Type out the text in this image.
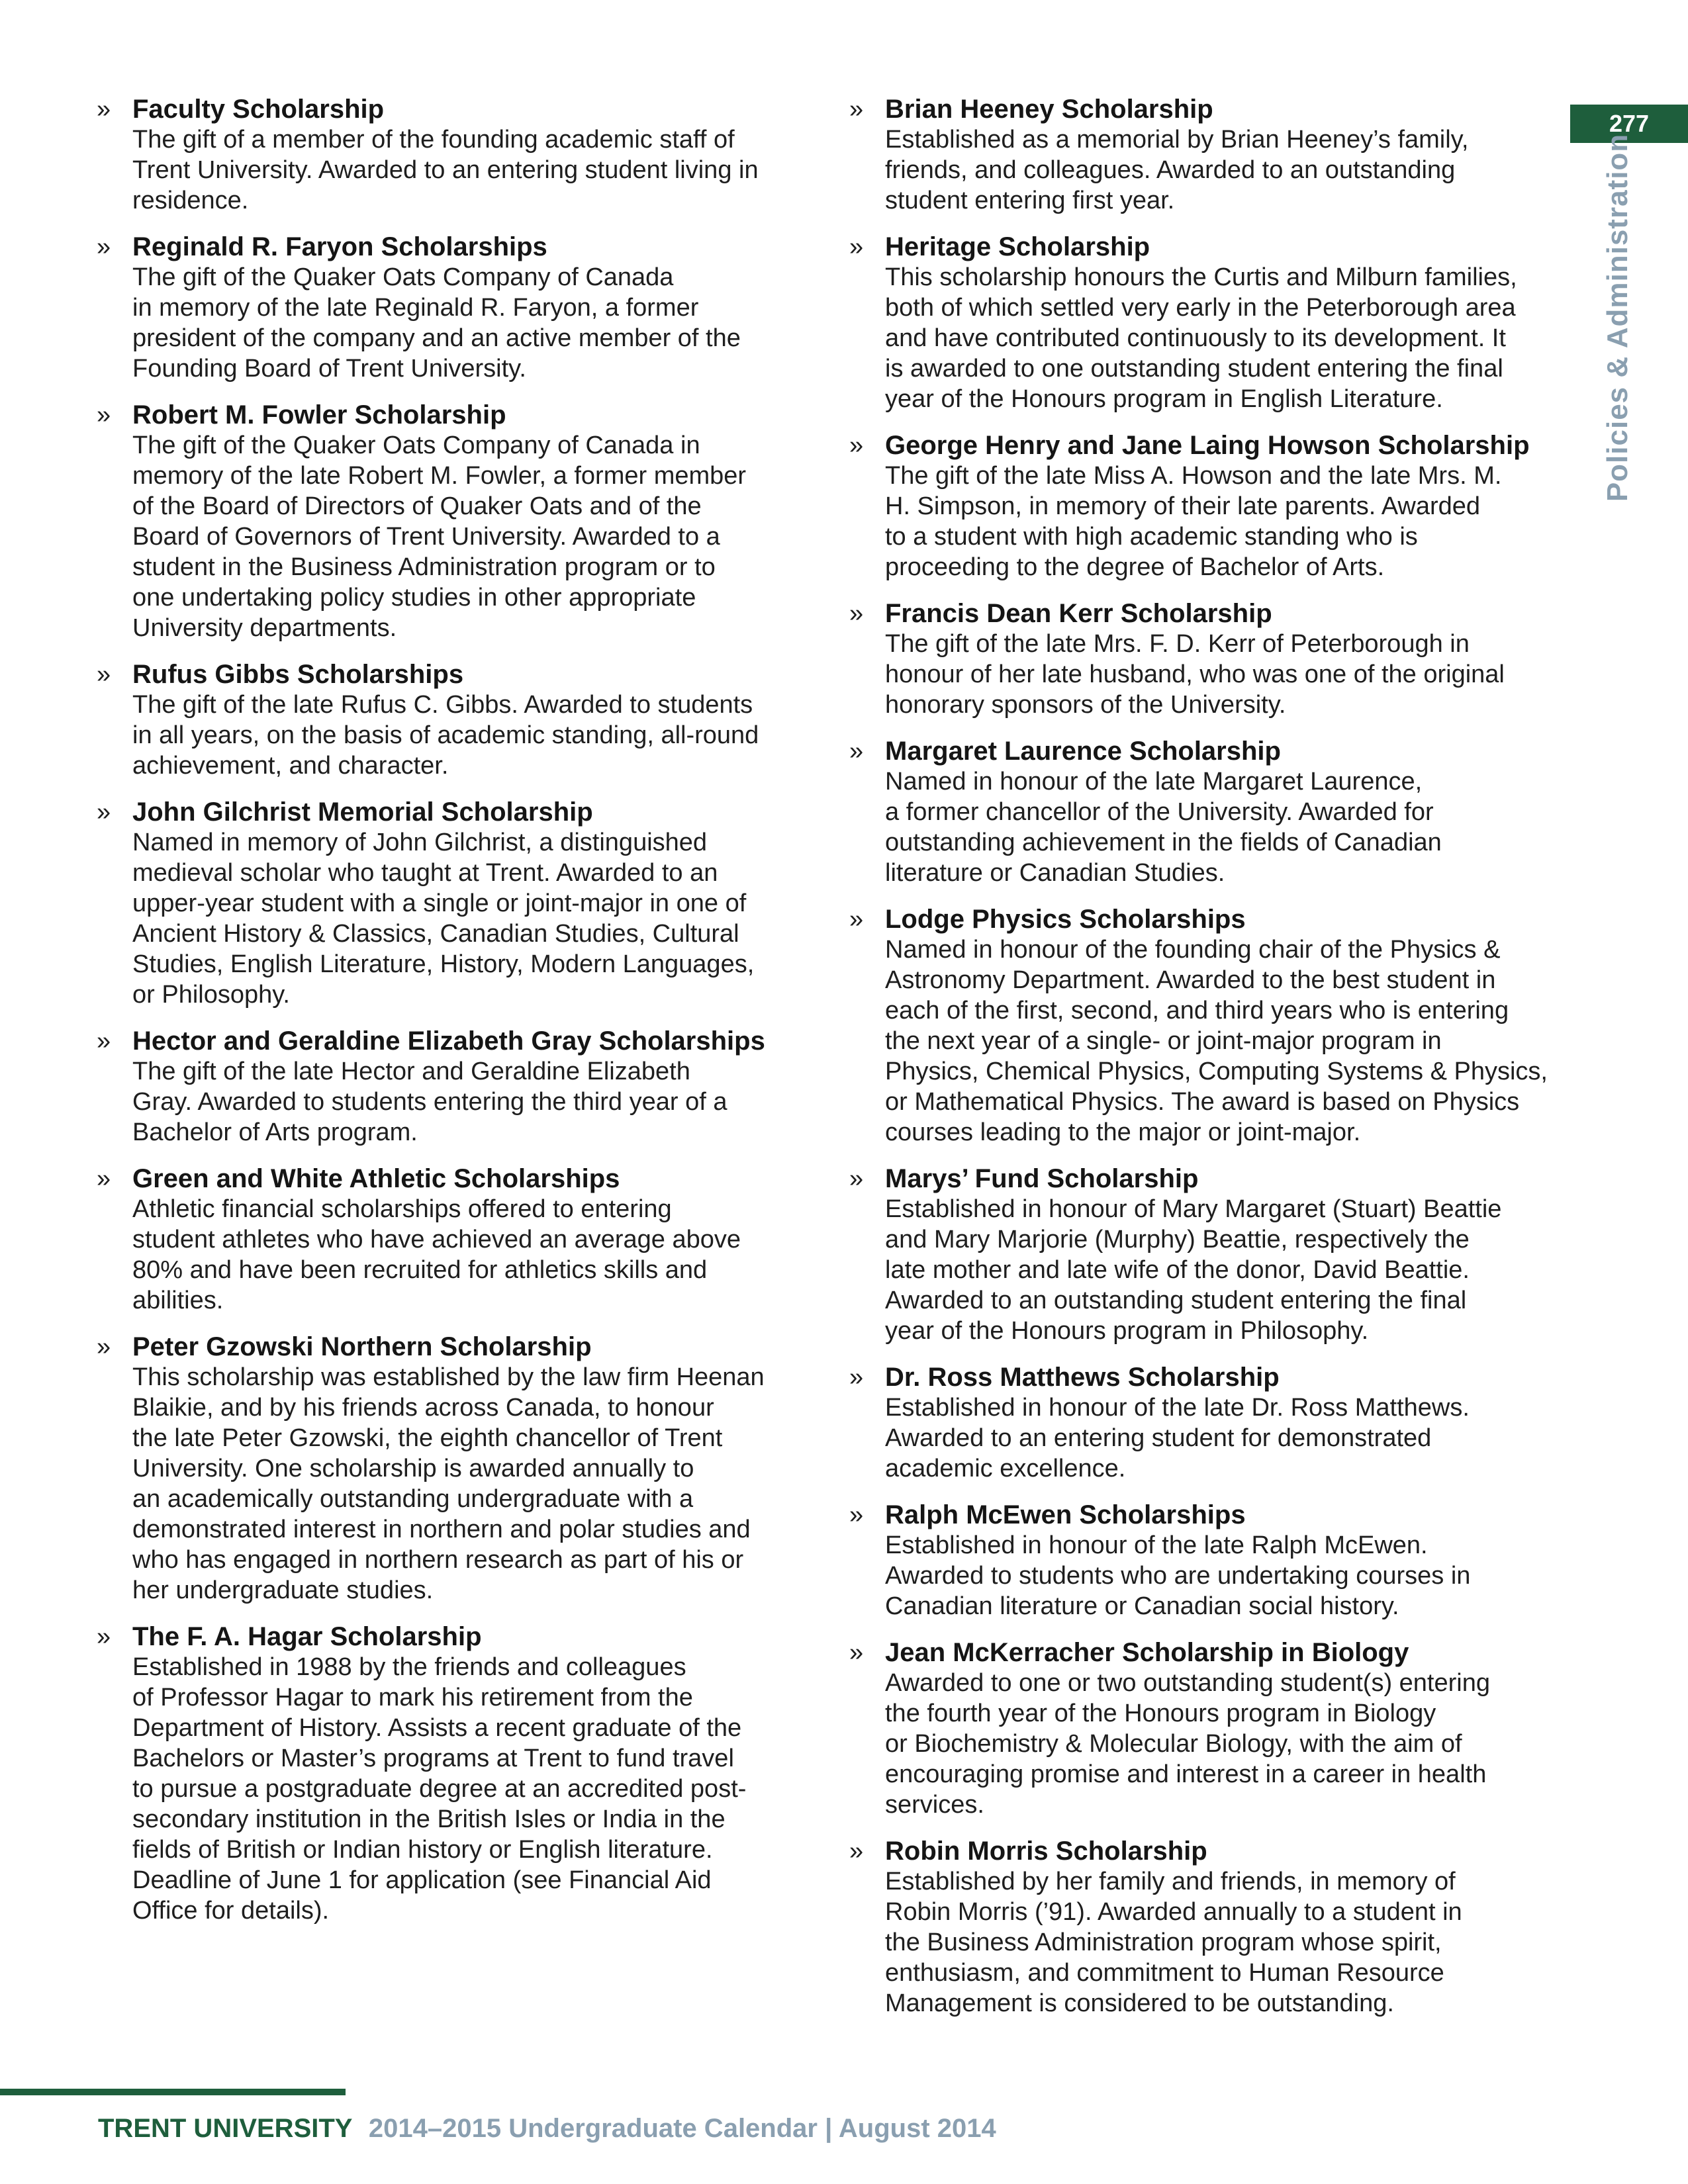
277
Policies & Administration
» Faculty Scholarship
The gift of a member of the founding academic staff of
Trent University. Awarded to an entering student living in
residence.
» Reginald R. Faryon Scholarships
The gift of the Quaker Oats Company of Canada
in memory of the late Reginald R. Faryon, a former
president of the company and an active member of the
Founding Board of Trent University.
» Robert M. Fowler Scholarship
The gift of the Quaker Oats Company of Canada in
memory of the late Robert M. Fowler, a former member
of the Board of Directors of Quaker Oats and of the
Board of Governors of Trent University. Awarded to a
student in the Business Administration program or to
one undertaking policy studies in other appropriate
University departments.
» Rufus Gibbs Scholarships
The gift of the late Rufus C. Gibbs. Awarded to students
in all years, on the basis of academic standing, all-round
achievement, and character.
» John Gilchrist Memorial Scholarship
Named in memory of John Gilchrist, a distinguished
medieval scholar who taught at Trent. Awarded to an
upper-year student with a single or joint-major in one of
Ancient History & Classics, Canadian Studies, Cultural
Studies, English Literature, History, Modern Languages,
or Philosophy.
» Hector and Geraldine Elizabeth Gray Scholarships
The gift of the late Hector and Geraldine Elizabeth
Gray. Awarded to students entering the third year of a
Bachelor of Arts program.
» Green and White Athletic Scholarships
Athletic financial scholarships offered to entering
student athletes who have achieved an average above
80% and have been recruited for athletics skills and
abilities.
» Peter Gzowski Northern Scholarship
This scholarship was established by the law firm Heenan
Blaikie, and by his friends across Canada, to honour
the late Peter Gzowski, the eighth chancellor of Trent
University. One scholarship is awarded annually to
an academically outstanding undergraduate with a
demonstrated interest in northern and polar studies and
who has engaged in northern research as part of his or
her undergraduate studies.
» The F. A. Hagar Scholarship
Established in 1988 by the friends and colleagues
of Professor Hagar to mark his retirement from the
Department of History. Assists a recent graduate of the
Bachelors or Master’s programs at Trent to fund travel
to pursue a postgraduate degree at an accredited post-
secondary institution in the British Isles or India in the
fields of British or Indian history or English literature.
Deadline of June 1 for application (see Financial Aid
Office for details).
» Brian Heeney Scholarship
Established as a memorial by Brian Heeney’s family,
friends, and colleagues. Awarded to an outstanding
student entering first year.
» Heritage Scholarship
This scholarship honours the Curtis and Milburn families,
both of which settled very early in the Peterborough area
and have contributed continuously to its development. It
is awarded to one outstanding student entering the final
year of the Honours program in English Literature.
» George Henry and Jane Laing Howson Scholarship
The gift of the late Miss A. Howson and the late Mrs. M.
H. Simpson, in memory of their late parents. Awarded
to a student with high academic standing who is
proceeding to the degree of Bachelor of Arts.
» Francis Dean Kerr Scholarship
The gift of the late Mrs. F. D. Kerr of Peterborough in
honour of her late husband, who was one of the original
honorary sponsors of the University.
» Margaret Laurence Scholarship
Named in honour of the late Margaret Laurence,
a former chancellor of the University. Awarded for
outstanding achievement in the fields of Canadian
literature or Canadian Studies.
» Lodge Physics Scholarships
Named in honour of the founding chair of the Physics &
Astronomy Department. Awarded to the best student in
each of the first, second, and third years who is entering
the next year of a single- or joint-major program in
Physics, Chemical Physics, Computing Systems & Physics,
or Mathematical Physics. The award is based on Physics
courses leading to the major or joint-major.
» Marys’ Fund Scholarship
Established in honour of Mary Margaret (Stuart) Beattie
and Mary Marjorie (Murphy) Beattie, respectively the
late mother and late wife of the donor, David Beattie.
Awarded to an outstanding student entering the final
year of the Honours program in Philosophy.
» Dr. Ross Matthews Scholarship
Established in honour of the late Dr. Ross Matthews.
Awarded to an entering student for demonstrated
academic excellence.
» Ralph McEwen Scholarships
Established in honour of the late Ralph McEwen.
Awarded to students who are undertaking courses in
Canadian literature or Canadian social history.
» Jean McKerracher Scholarship in Biology
Awarded to one or two outstanding student(s) entering
the fourth year of the Honours program in Biology
or Biochemistry & Molecular Biology, with the aim of
encouraging promise and interest in a career in health
services.
» Robin Morris Scholarship
Established by her family and friends, in memory of
Robin Morris (’91). Awarded annually to a student in
the Business Administration program whose spirit,
enthusiasm, and commitment to Human Resource
Management is considered to be outstanding.
TRENT UNIVERSITY 2014–2015 Undergraduate Calendar | August 2014
